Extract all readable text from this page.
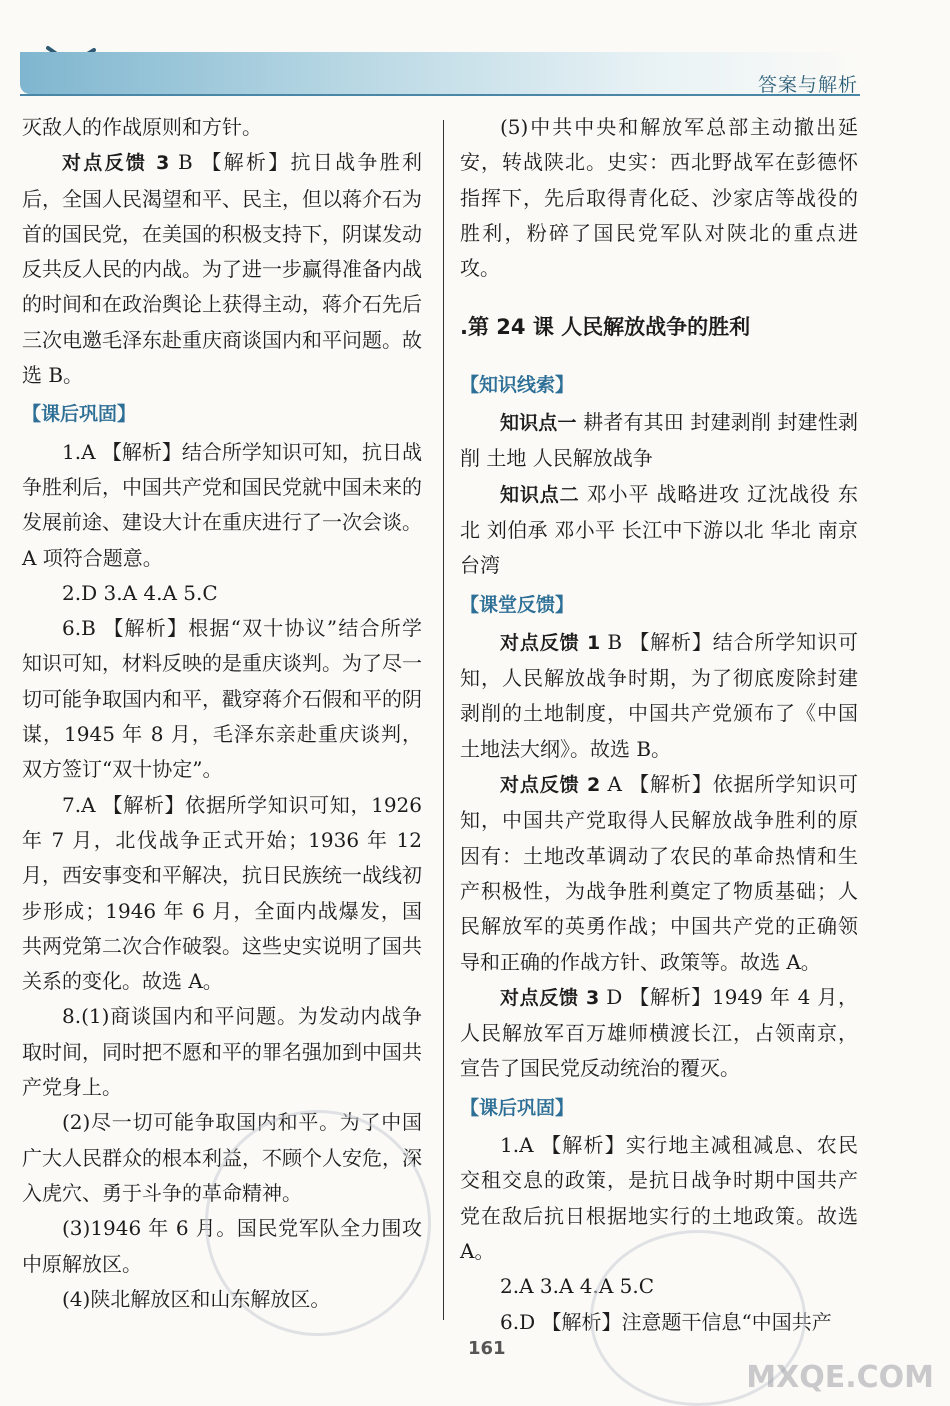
答案与解析

灭敌人的作战原则和方针。

对点反馈 3 B 【解析】抗日战争胜利后，全国人民渴望和平、民主，但以蒋介石为首的国民党，在美国的积极支持下，阴谋发动反共反人民的内战。为了进一步赢得准备内战的时间和在政治舆论上获得主动，蒋介石先后三次电邀毛泽东赴重庆商谈国内和平问题。故选 B。

【课后巩固】

1.A 【解析】结合所学知识可知，抗日战争胜利后，中国共产党和国民党就中国未来的发展前途、建设大计在重庆进行了一次会谈。A 项符合题意。

2.D 3.A 4.A 5.C

6.B 【解析】根据“双十协议”结合所学知识可知，材料反映的是重庆谈判。为了尽一切可能争取国内和平，戳穿蒋介石假和平的阴谋，1945 年 8 月，毛泽东亲赴重庆谈判，双方签订“双十协定”。

7.A 【解析】依据所学知识可知，1926 年 7 月，北伐战争正式开始；1936 年 12 月，西安事变和平解决，抗日民族统一战线初步形成；1946 年 6 月，全面内战爆发，国共两党第二次合作破裂。这些史实说明了国共关系的变化。故选 A。

8.(1)商谈国内和平问题。为发动内战争取时间，同时把不愿和平的罪名强加到中国共产党身上。

(2)尽一切可能争取国内和平。为了中国广大人民群众的根本利益，不顾个人安危，深入虎穴、勇于斗争的革命精神。

(3)1946 年 6 月。国民党军队全力围攻中原解放区。

(4)陕北解放区和山东解放区。

(5)中共中央和解放军总部主动撤出延安，转战陕北。史实：西北野战军在彭德怀指挥下，先后取得青化砭、沙家店等战役的胜利，粉碎了国民党军队对陕北的重点进攻。

.第 24 课 人民解放战争的胜利

【知识线索】

知识点一 耕者有其田 封建剥削 封建性剥削 土地 人民解放战争

知识点二 邓小平 战略进攻 辽沈战役 东北 刘伯承 邓小平 长江中下游以北 华北 南京 台湾

【课堂反馈】

对点反馈 1 B 【解析】结合所学知识可知，人民解放战争时期，为了彻底废除封建剥削的土地制度，中国共产党颁布了《中国土地法大纲》。故选 B。

对点反馈 2 A 【解析】依据所学知识可知，中国共产党取得人民解放战争胜利的原因有：土地改革调动了农民的革命热情和生产积极性，为战争胜利奠定了物质基础；人民解放军的英勇作战；中国共产党的正确领导和正确的作战方针、政策等。故选 A。

对点反馈 3 D 【解析】1949 年 4 月，人民解放军百万雄师横渡长江，占领南京，宣告了国民党反动统治的覆灭。

【课后巩固】

1.A 【解析】实行地主减租减息、农民交租交息的政策，是抗日战争时期中国共产党在敌后抗日根据地实行的土地政策。故选 A。

2.A 3.A 4.A 5.C

6.D 【解析】注意题干信息“中国共产

161
MXQE.COM
